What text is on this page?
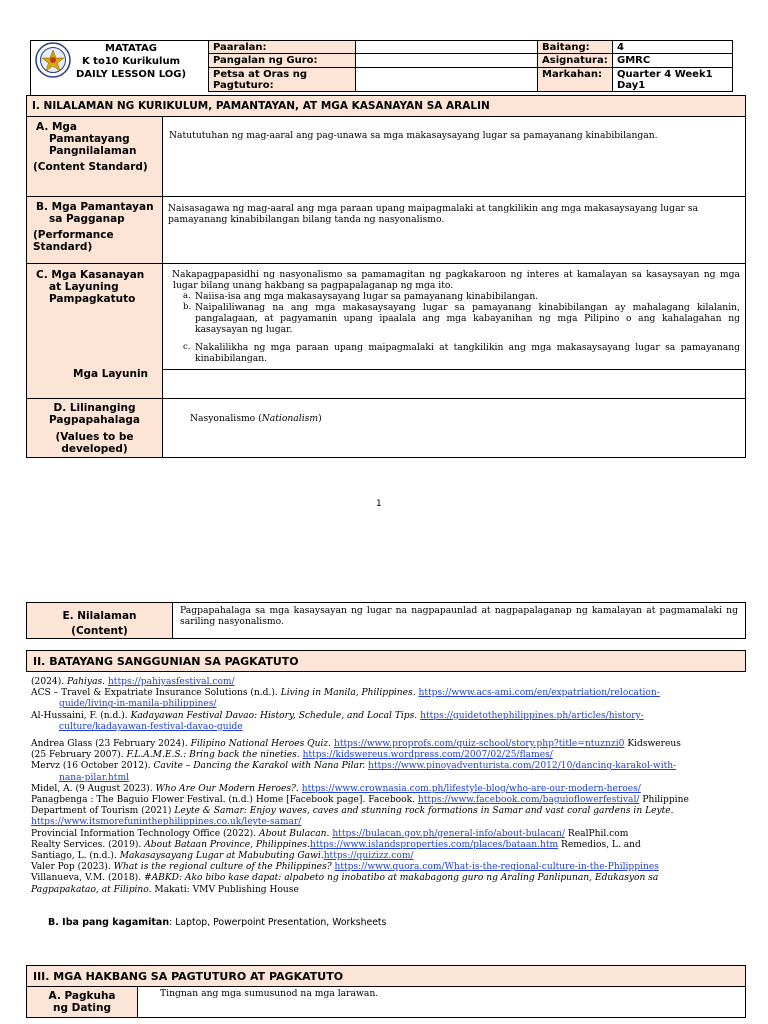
MATATAG
K to10 Kurikulum
DAILY LESSON LOG)
Paaralan:
Pangalan ng Guro:
Petsa at Oras ng Pagtuturo:
Baitang:	4
Asignatura: GMRC
Markahan:	Quarter 4 Week1 Day1
I. NILALAMAN NG KURIKULUM, PAMANTAYAN, AT MGA KASANAYAN SA ARALIN
A. Mga Pamantayang Pangnilalaman
(Content Standard)
Natututuhan ng mag-aaral ang pag-unawa sa mga makasaysayang lugar sa pamayanang kinabibilangan.
B. Mga Pamantayan sa Pagganap
(Performance Standard)
Naisasagawa ng mag-aaral ang mga paraan upang maipagmalaki at tangkilikin ang mga makasaysayang lugar sa pamayanang kinabibilangan bilang tanda ng nasyonalismo.
C. Mga Kasanayan at Layuning Pampagkatuto
Mga Layunin
Nakapagpapasidhi ng nasyonalismo sa pamamagitan ng pagkakaroon ng interes at kamalayan sa kasaysayan ng mga lugar bilang unang hakbang sa pagpapalaganap ng mga ito.
a. Naiisa-isa ang mga makasaysayang lugar sa pamayanang kinabibilangan.
b. Naipaliliwanag na ang mga makasaysayang lugar sa pamayanang kinabibilangan ay mahalagang kilalanin, pangalagaan, at pagyamanin upang ipaalala ang mga kabayanihan ng mga Pilipino o ang kahalagahan ng kasaysayan ng lugar.
c. Nakalilikha ng mga paraan upang maipagmalaki at tangkilikin ang mga makasaysayang lugar sa pamayanang kinabibilangan.
D. Lilinanging Pagpapahalaga
(Values to be developed)
Nasyonalismo (Nationalism)
1
E. Nilalaman
(Content)
Pagpapahalaga sa mga kasaysayan ng lugar na nagpapaunlad at nagpapalaganap ng kamalayan at pagmamalaki ng sariling nasyonalismo.
II. BATAYANG SANGGUNIAN SA PAGKATUTO
(2024). Pahiyas. https://pahiyasfestival.com/
ACS – Travel & Expatriate Insurance Solutions (n.d.). Living in Manila, Philippines. https://www.acs-ami.com/en/expatriation/relocation-
guide/living-in-manila-philippines/
Al-Hussaini, F. (n.d.). Kadayawan Festival Davao: History, Schedule, and Local Tips. https://guidetothephilippines.ph/articles/history-
culture/kadayawan-festival-davao-guide
Andrea Glass (23 February 2024). Filipino National Heroes Quiz. https://www.proprofs.com/quiz-school/story.php?title=ntuznzi0 Kidswereus
(25 February 2007). F.L.A.M.E.S.: Bring back the nineties. https://kidswereus.wordpress.com/2007/02/25/flames/
Mervz (16 October 2012). Cavite – Dancing the Karakol with Nana Pilar. https://www.pinoyadventurista.com/2012/10/dancing-karakol-with-
nana-pilar.html
Midel, A. (9 August 2023). Who Are Our Modern Heroes?. https://www.crownasia.com.ph/lifestyle-blog/who-are-our-modern-heroes/
Panagbenga : The Baguio Flower Festival. (n.d.) Home [Facebook page]. Facebook. https://www.facebook.com/baguioflowerfestival/ Philippine
Department of Tourism (2021) Leyte & Samar: Enjoy waves, caves and stunning rock formations in Samar and vast coral gardens in Leyte.
https://www.itsmorefuninthephilippines.co.uk/leyte-samar/
Provincial Information Technology Office (2022). About Bulacan. https://bulacan.gov.ph/general-info/about-bulacan/ RealPhil.com
Realty Services. (2019). About Bataan Province, Philippines.https://www.islandsproperties.com/places/bataan.htm Remedios, L. and
Santiago, L. (n.d.). Makasaysayang Lugar at Mabubuting Gawi.https://quizizz.com/
Valer Pop (2023). What is the regional culture of the Philippines? https://www.quora.com/What-is-the-regional-culture-in-the-Philippines
Villanueva, V.M. (2018). #ABKD: Ako bibo kase dapat: alpabeto ng inobatibo at makabagong guro ng Araling Panlipunan, Edukasyon sa
Pagpapakatao, at Filipino. Makati: VMV Publishing House
B. Iba pang kagamitan: Laptop, Powerpoint Presentation, Worksheets
III. MGA HAKBANG SA PAGTUTURO AT PAGKATUTO
A. Pagkuha ng Dating
Tingnan ang mga sumusunod na mga larawan.
